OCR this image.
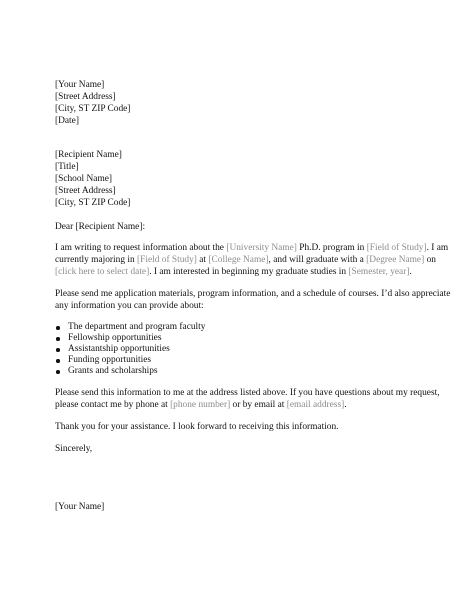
[Your Name]
[Street Address]
[City, ST ZIP Code]
[Date]
[Recipient Name]
[Title]
[School Name]
[Street Address]
[City, ST ZIP Code]

Dear [Recipient Name]:

I am writing to request information about the [University Name] Ph.D. program in [Field of Study]. I am
currently majoring in [Field of Study] at [College Name], and will graduate with a [Degree Name] on
[click here to select date]. I am interested in beginning my graduate studies in [Semester, year].

Please send me application materials, program information, and a schedule of courses. I’d also appreciate
any information you can provide about:

The department and program faculty
Fellowship opportunities
Assistantship opportunities
Funding opportunities
Grants and scholarships

Please send this information to me at the address listed above. If you have questions about my request,
please contact me by phone at [phone number] or by email at [email address].

Thank you for your assistance. I look forward to receiving this information.

Sincerely,

[Your Name]
